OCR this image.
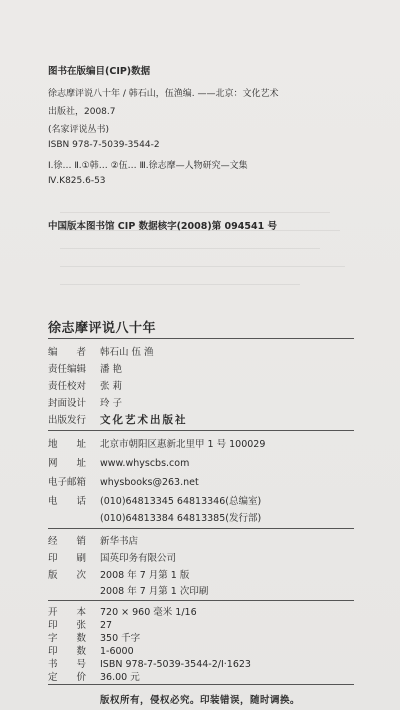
图书在版编目(CIP)数据
徐志摩评说八十年 / 韩石山，伍渔编. ——北京：文化艺术
出版社，2008.7
(名家评说丛书)
ISBN 978-7-5039-3544-2
Ⅰ.徐… Ⅱ.①韩… ②伍… Ⅲ.徐志摩—人物研究—文集
Ⅳ.K825.6-53
中国版本图书馆 CIP 数据核字(2008)第 094541 号
徐志摩评说八十年
编　　者 韩石山 伍 渔
责任编辑 潘 艳
责任校对 张 莉
封面设计 玲 子
出版发行 文化艺术出版社
地　　址 北京市朝阳区惠新北里甲 1 号 100029
网　　址 www.whyscbs.com
电子邮箱 whysbooks@263.net
电　　话 (010)64813345 64813346(总编室)
(010)64813384 64813385(发行部)
经　　销 新华书店
印　　刷 国英印务有限公司
版　　次 2008 年 7 月第 1 版
2008 年 7 月第 1 次印刷
开　　本 720 × 960 毫米 1/16
印　　张 27
字　　数 350 千字
印　　数 1-6000
版权所有，侵权必究。印装错误，随时调换。
书　　号 ISBN 978-7-5039-3544-2/I·1623
定　　价 36.00 元
